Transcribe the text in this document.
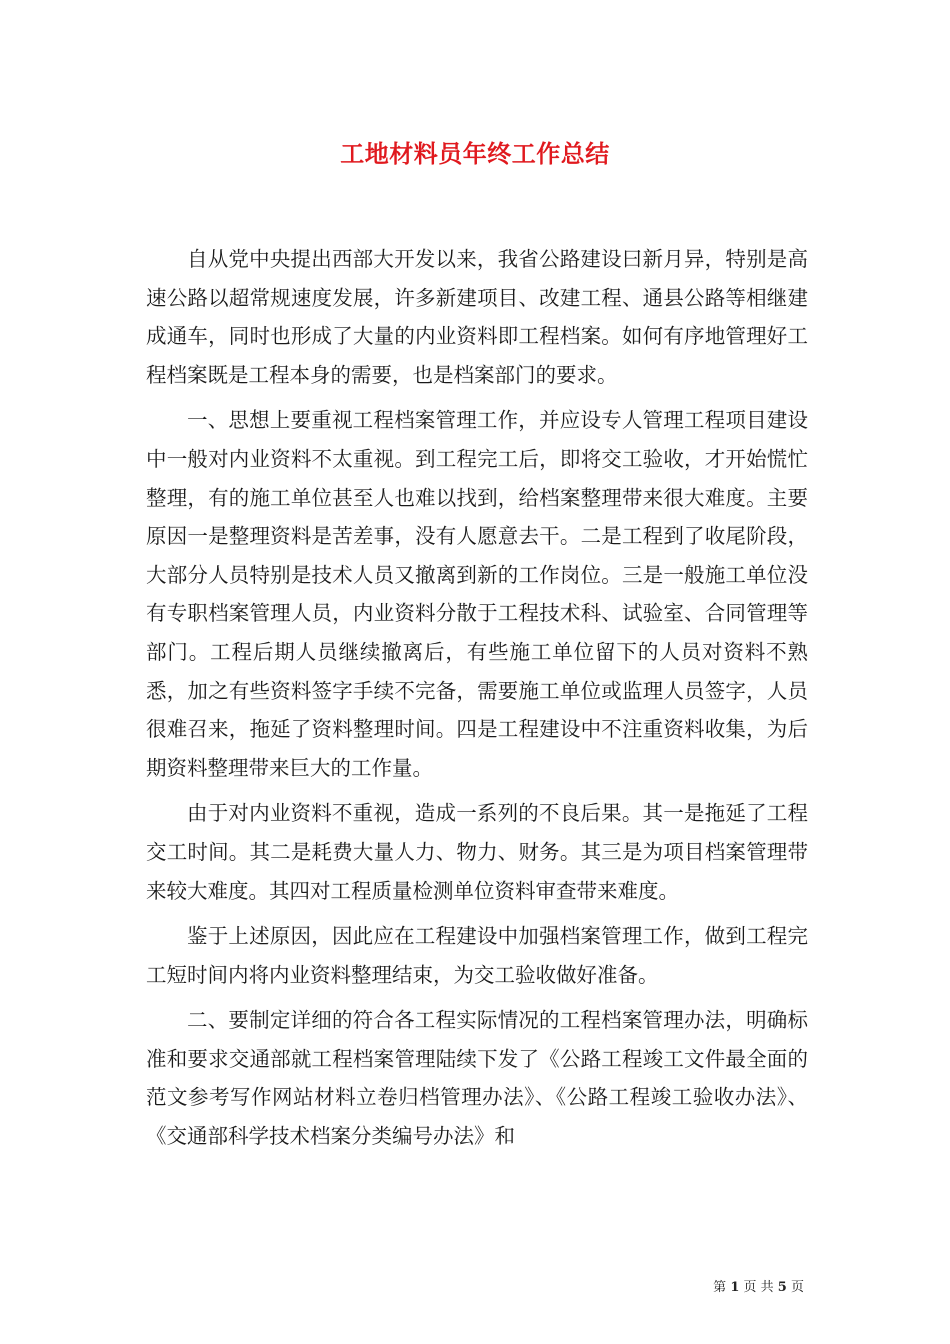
工地材料员年终工作总结

自从党中央提出西部大开发以来，我省公路建设曰新月异，特别是高速公路以超常规速度发展，许多新建项目、改建工程、通县公路等相继建成通车，同时也形成了大量的内业资料即工程档案。如何有序地管理好工程档案既是工程本身的需要，也是档案部门的要求。

一、思想上要重视工程档案管理工作，并应设专人管理工程项目建设中一般对内业资料不太重视。到工程完工后，即将交工验收，才开始慌忙整理，有的施工单位甚至人也难以找到，给档案整理带来很大难度。主要原因一是整理资料是苦差事，没有人愿意去干。二是工程到了收尾阶段，大部分人员特别是技术人员又撤离到新的工作岗位。三是一般施工单位没有专职档案管理人员，内业资料分散于工程技术科、试验室、合同管理等部门。工程后期人员继续撤离后，有些施工单位留下的人员对资料不熟悉，加之有些资料签字手续不完备，需要施工单位或监理人员签字，人员很难召来，拖延了资料整理时间。四是工程建设中不注重资料收集，为后期资料整理带来巨大的工作量。

由于对内业资料不重视，造成一系列的不良后果。其一是拖延了工程交工时间。其二是耗费大量人力、物力、财务。其三是为项目档案管理带来较大难度。其四对工程质量检测单位资料审查带来难度。

鉴于上述原因，因此应在工程建设中加强档案管理工作，做到工程完工短时间内将内业资料整理结束，为交工验收做好准备。

二、要制定详细的符合各工程实际情况的工程档案管理办法，明确标准和要求交通部就工程档案管理陆续下发了《公路工程竣工文件最全面的范文参考写作网站材料立卷归档管理办法》、《公路工程竣工验收办法》、《交通部科学技术档案分类编号办法》和

第 1 页 共 5 页
